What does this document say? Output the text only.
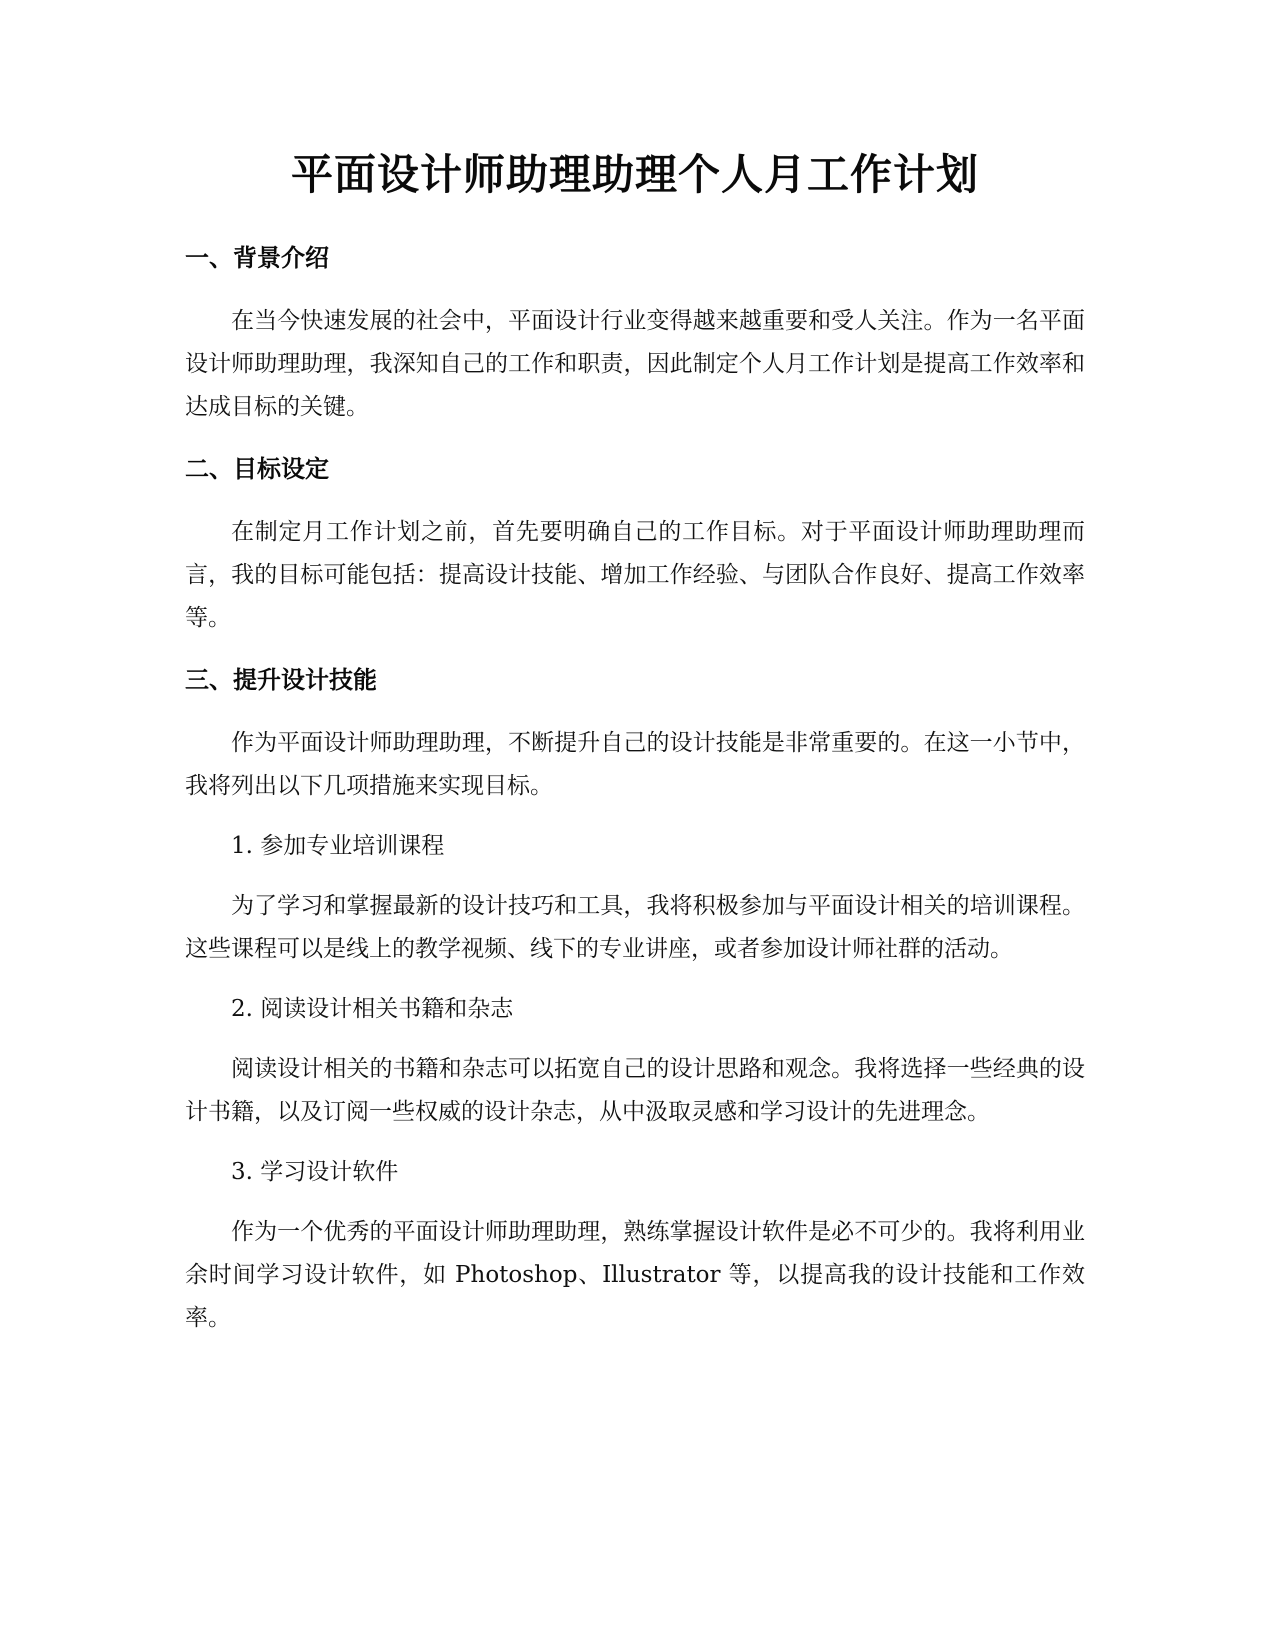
平面设计师助理助理个人月工作计划
一、背景介绍

在当今快速发展的社会中，平面设计行业变得越来越重要和受人关注。作为一名平面设计师助理助理，我深知自己的工作和职责，因此制定个人月工作计划是提高工作效率和达成目标的关键。

二、目标设定

在制定月工作计划之前，首先要明确自己的工作目标。对于平面设计师助理助理而言，我的目标可能包括：提高设计技能、增加工作经验、与团队合作良好、提高工作效率等。

三、提升设计技能

作为平面设计师助理助理，不断提升自己的设计技能是非常重要的。在这一小节中，我将列出以下几项措施来实现目标。

1. 参加专业培训课程

为了学习和掌握最新的设计技巧和工具，我将积极参加与平面设计相关的培训课程。这些课程可以是线上的教学视频、线下的专业讲座，或者参加设计师社群的活动。

2. 阅读设计相关书籍和杂志

阅读设计相关的书籍和杂志可以拓宽自己的设计思路和观念。我将选择一些经典的设计书籍，以及订阅一些权威的设计杂志，从中汲取灵感和学习设计的先进理念。

3. 学习设计软件

作为一个优秀的平面设计师助理助理，熟练掌握设计软件是必不可少的。我将利用业余时间学习设计软件，如 Photoshop、Illustrator 等，以提高我的设计技能和工作效率。
